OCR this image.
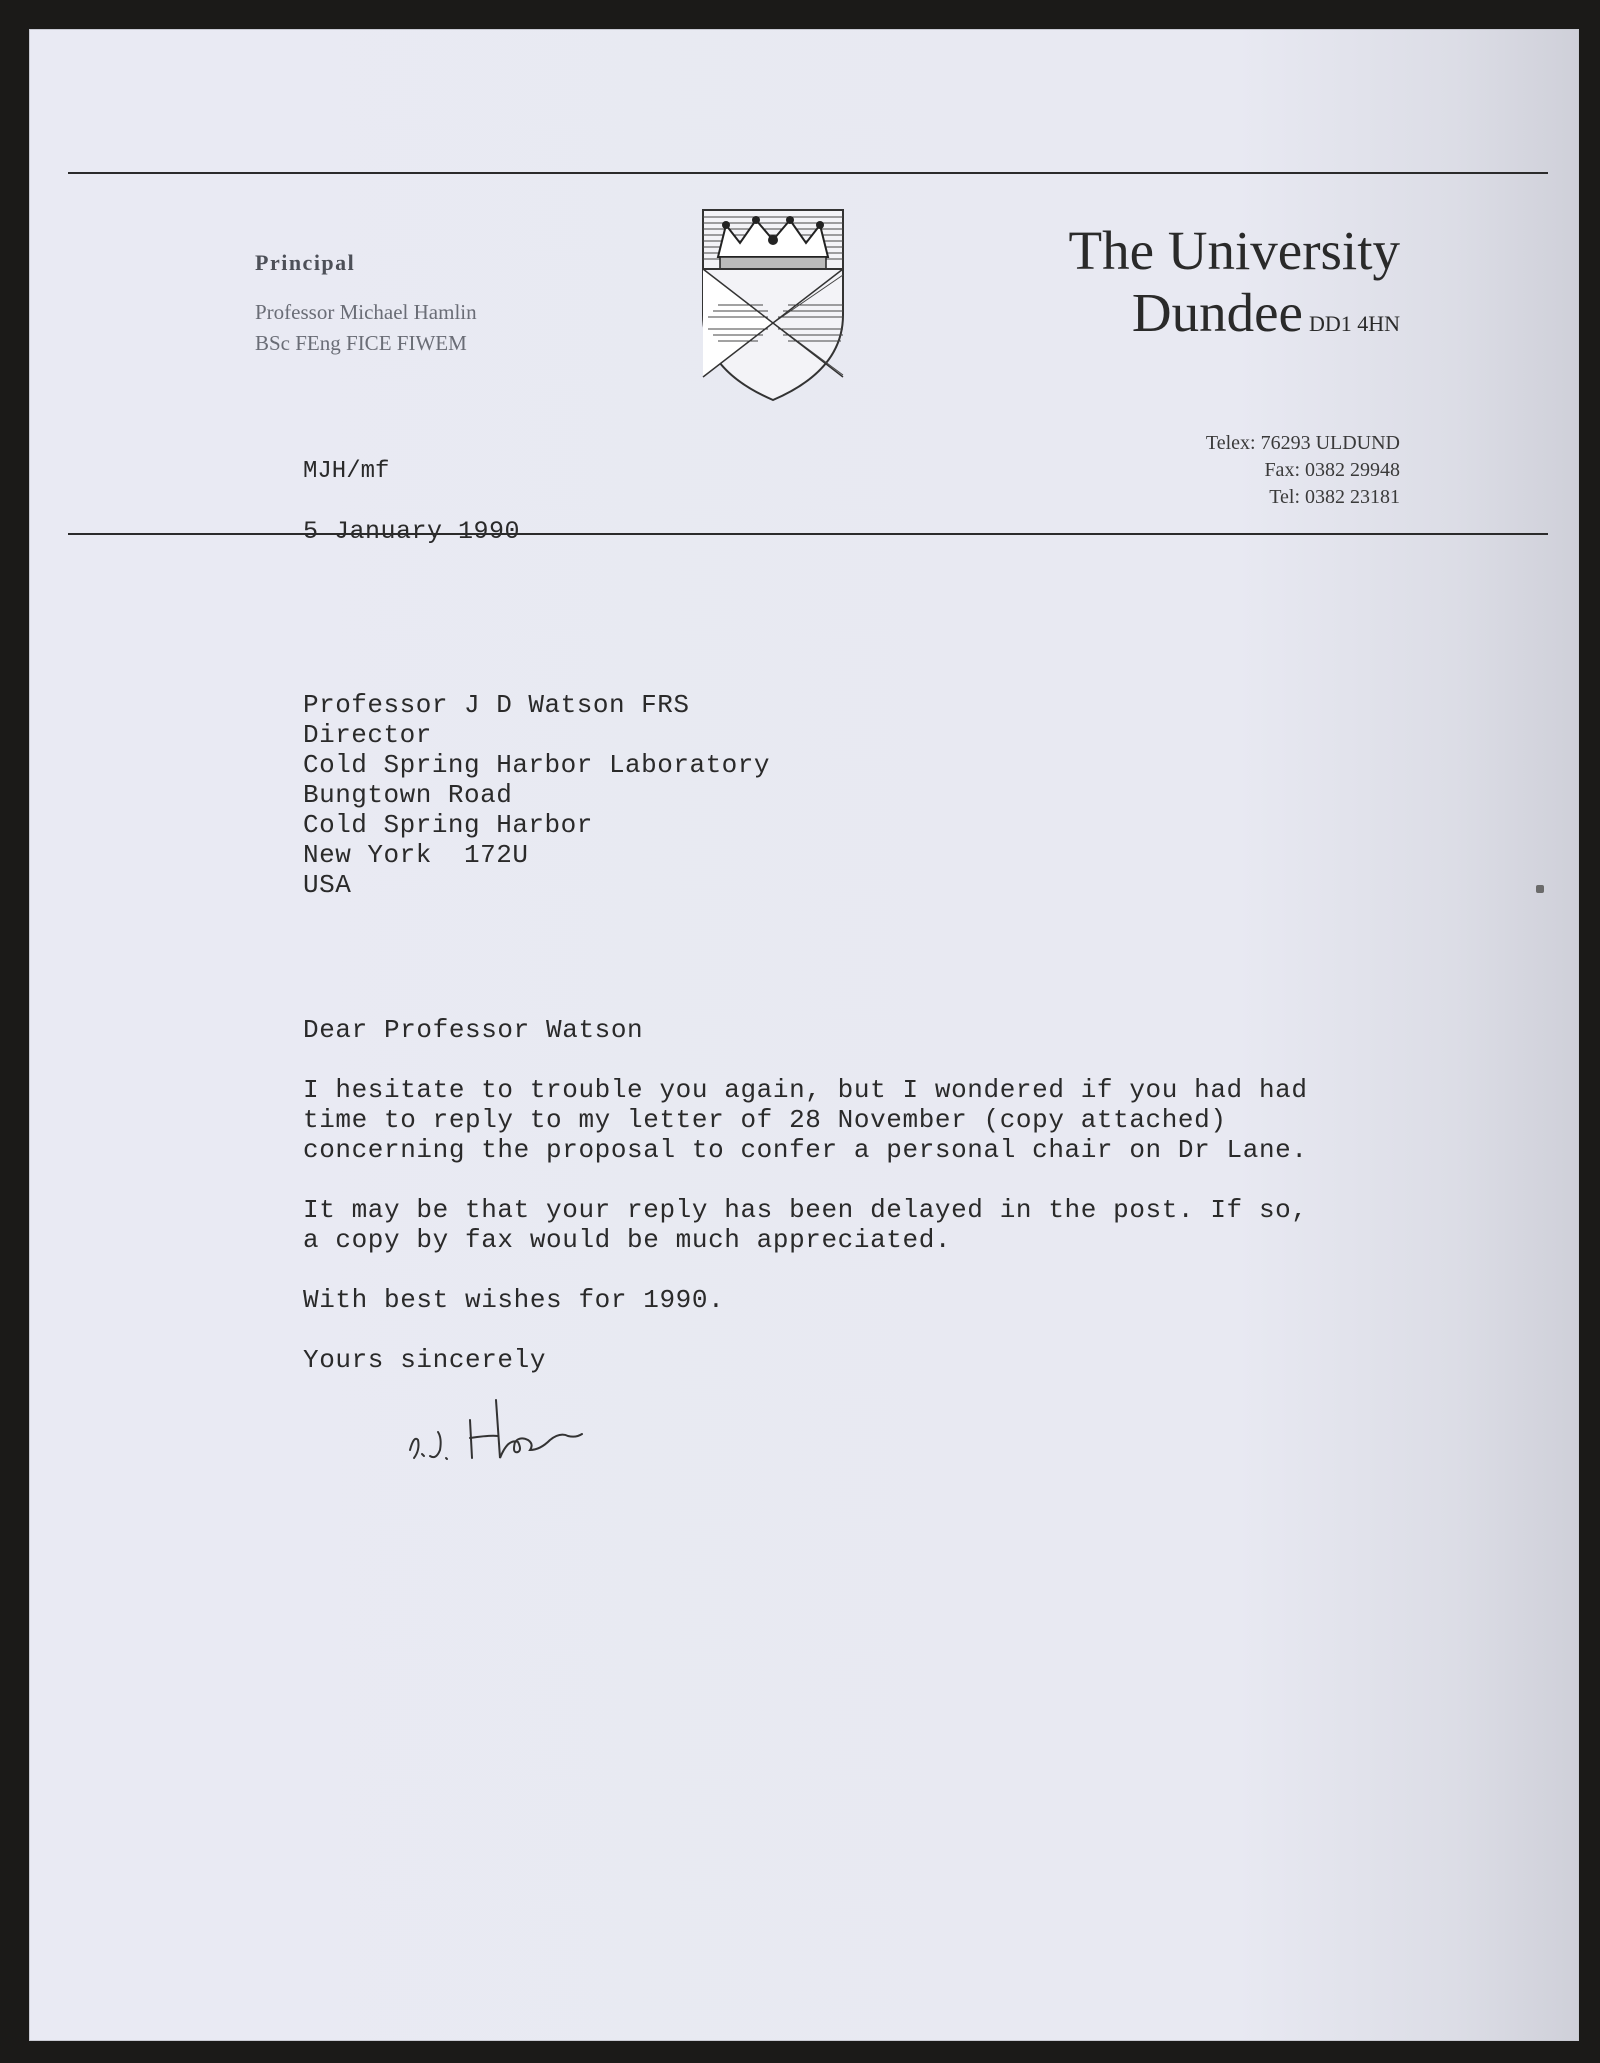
Principal

Professor Michael Hamlin

BSc FEng FICE FIWEM

The University
Dundee DD1 4HN
Telex: 76293 ULDUND
Fax: 0382 29948
Tel: 0382 23181
MJH/mf
5 January 1990
Professor J D Watson FRS
Director
Cold Spring Harbor Laboratory
Bungtown Road
Cold Spring Harbor
New York  172U
USA

Dear Professor Watson

I hesitate to trouble you again, but I wondered if you had had

time to reply to my letter of 28 November (copy attached)

concerning the proposal to confer a personal chair on Dr Lane.

It may be that your reply has been delayed in the post. If so,

a copy by fax would be much appreciated.

With best wishes for 1990.

Yours sincerely
